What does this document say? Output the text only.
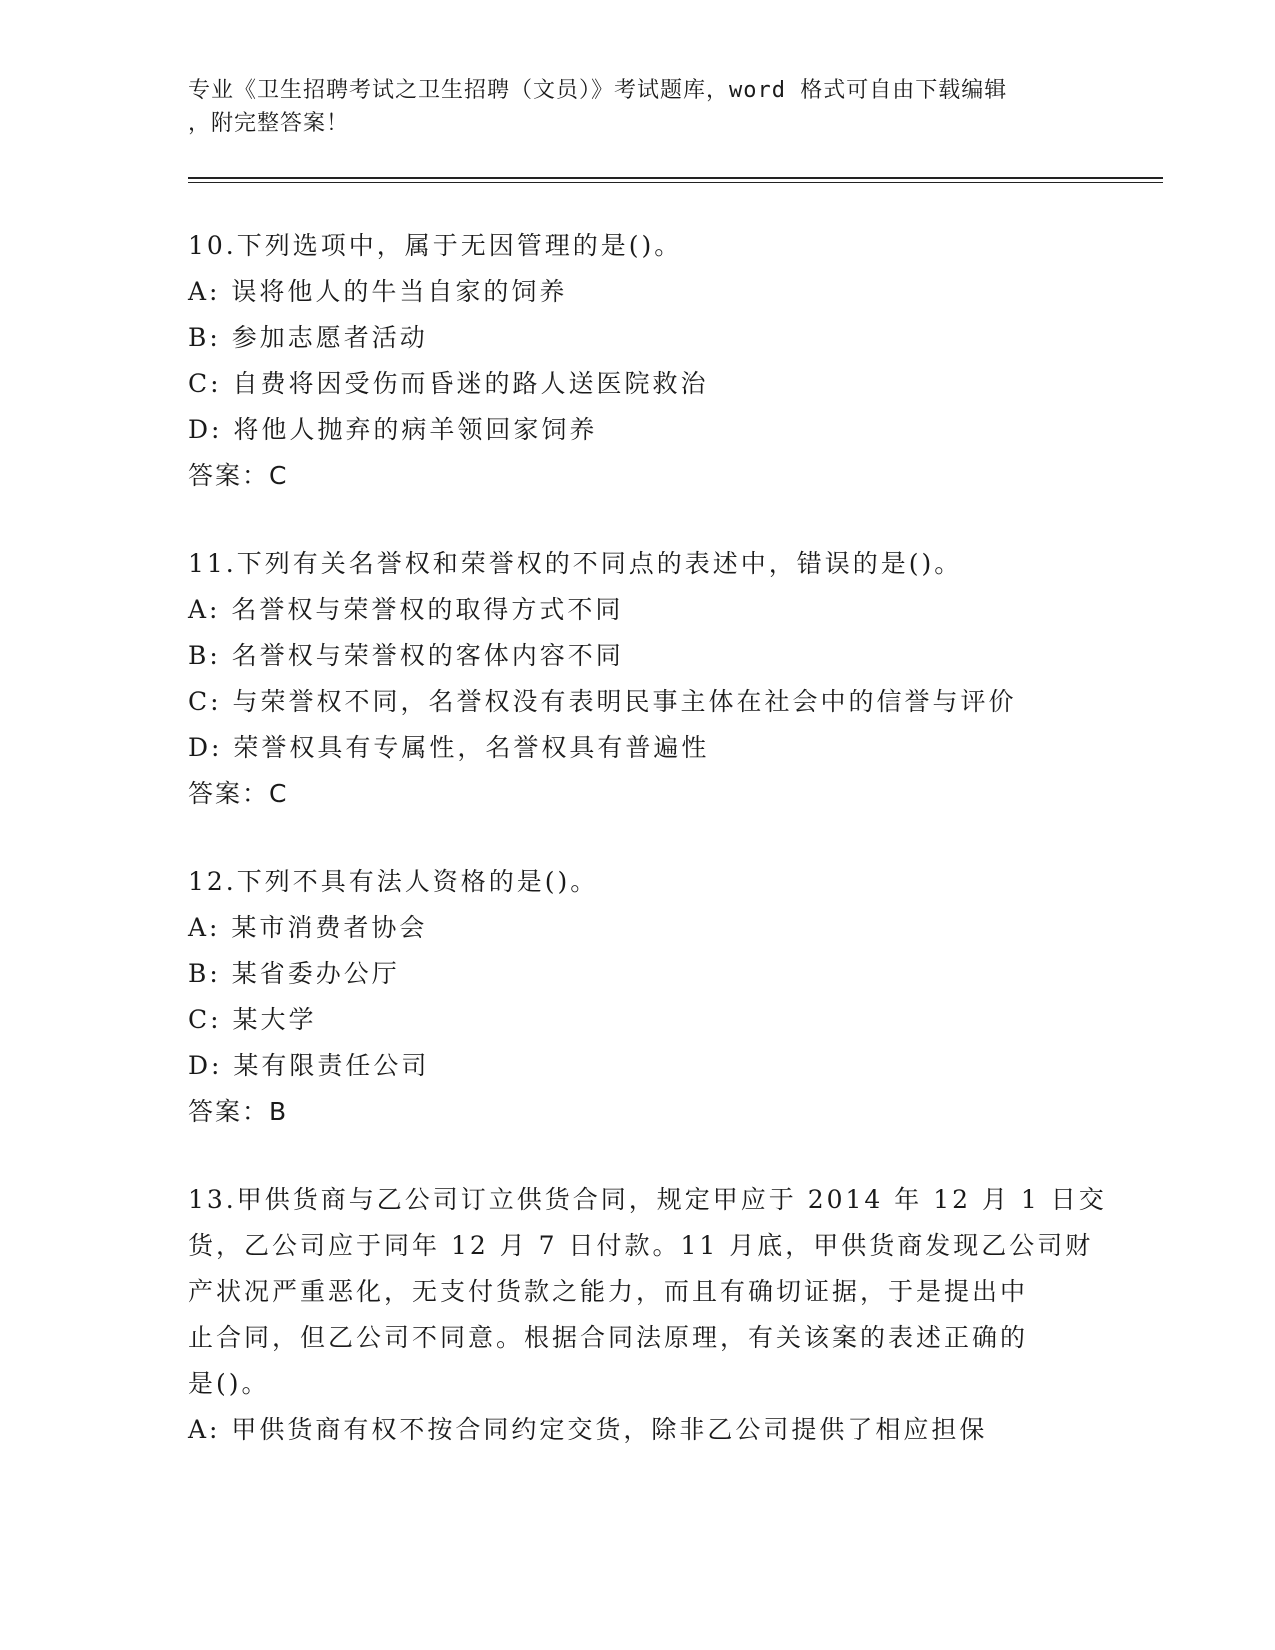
专业《卫生招聘考试之卫生招聘（文员）》考试题库，word 格式可自由下载编辑
，附完整答案！
10.下列选项中，属于无因管理的是()。
A: 误将他人的牛当自家的饲养
B: 参加志愿者活动
C: 自费将因受伤而昏迷的路人送医院救治
D: 将他人抛弃的病羊领回家饲养
答案：C
11.下列有关名誉权和荣誉权的不同点的表述中，错误的是()。
A: 名誉权与荣誉权的取得方式不同
B: 名誉权与荣誉权的客体内容不同
C: 与荣誉权不同，名誉权没有表明民事主体在社会中的信誉与评价
D: 荣誉权具有专属性，名誉权具有普遍性
答案：C
12.下列不具有法人资格的是()。
A: 某市消费者协会
B: 某省委办公厅
C: 某大学
D: 某有限责任公司
答案：B
13.甲供货商与乙公司订立供货合同，规定甲应于 2014 年 12 月 1 日交
货，乙公司应于同年 12 月 7 日付款。11 月底，甲供货商发现乙公司财
产状况严重恶化，无支付货款之能力，而且有确切证据，于是提出中
止合同，但乙公司不同意。根据合同法原理，有关该案的表述正确的
是()。
A: 甲供货商有权不按合同约定交货，除非乙公司提供了相应担保
